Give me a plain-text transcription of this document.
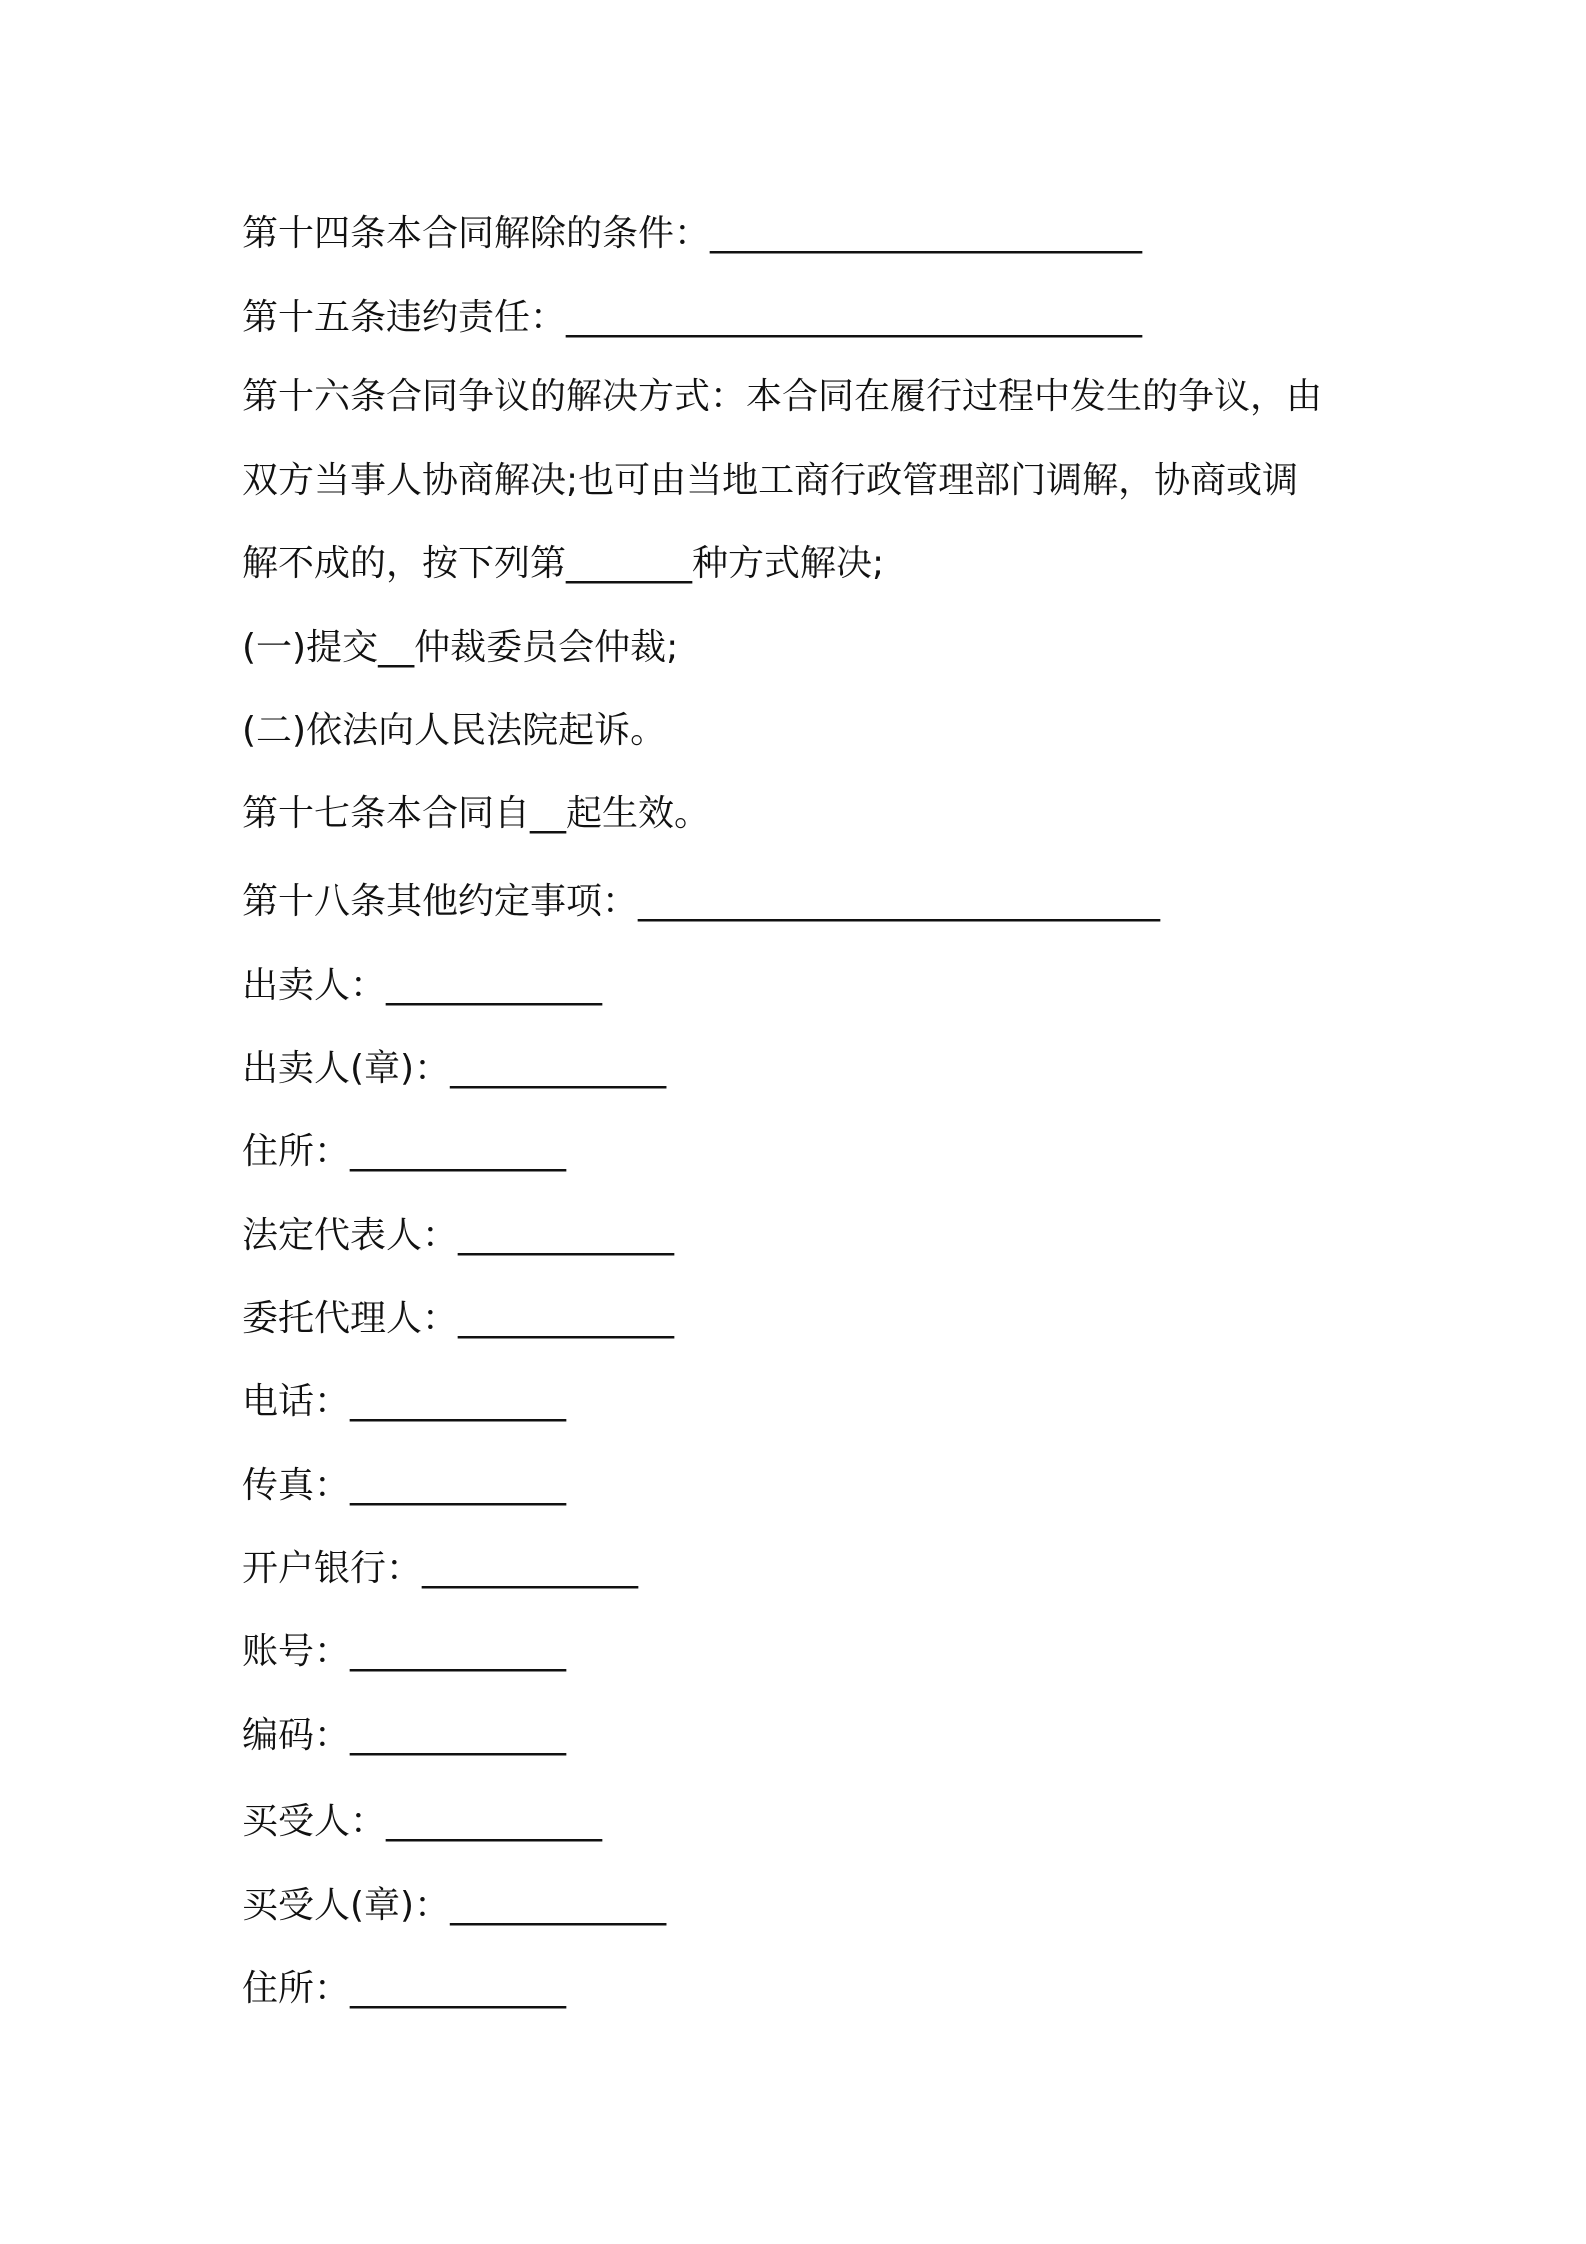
第十四条本合同解除的条件：________________________
第十五条违约责任：________________________________
第十六条合同争议的解决方式：本合同在履行过程中发生的争议，由
双方当事人协商解决;也可由当地工商行政管理部门调解，协商或调
解不成的，按下列第_______种方式解决;
(一)提交__仲裁委员会仲裁;
(二)依法向人民法院起诉。
第十七条本合同自__起生效。
第十八条其他约定事项：_____________________________
出卖人：____________
出卖人(章)：____________
住所：____________
法定代表人：____________
委托代理人：____________
电话：____________
传真：____________
开户银行：____________
账号：____________
编码：____________
买受人：____________
买受人(章)：____________
住所：____________
